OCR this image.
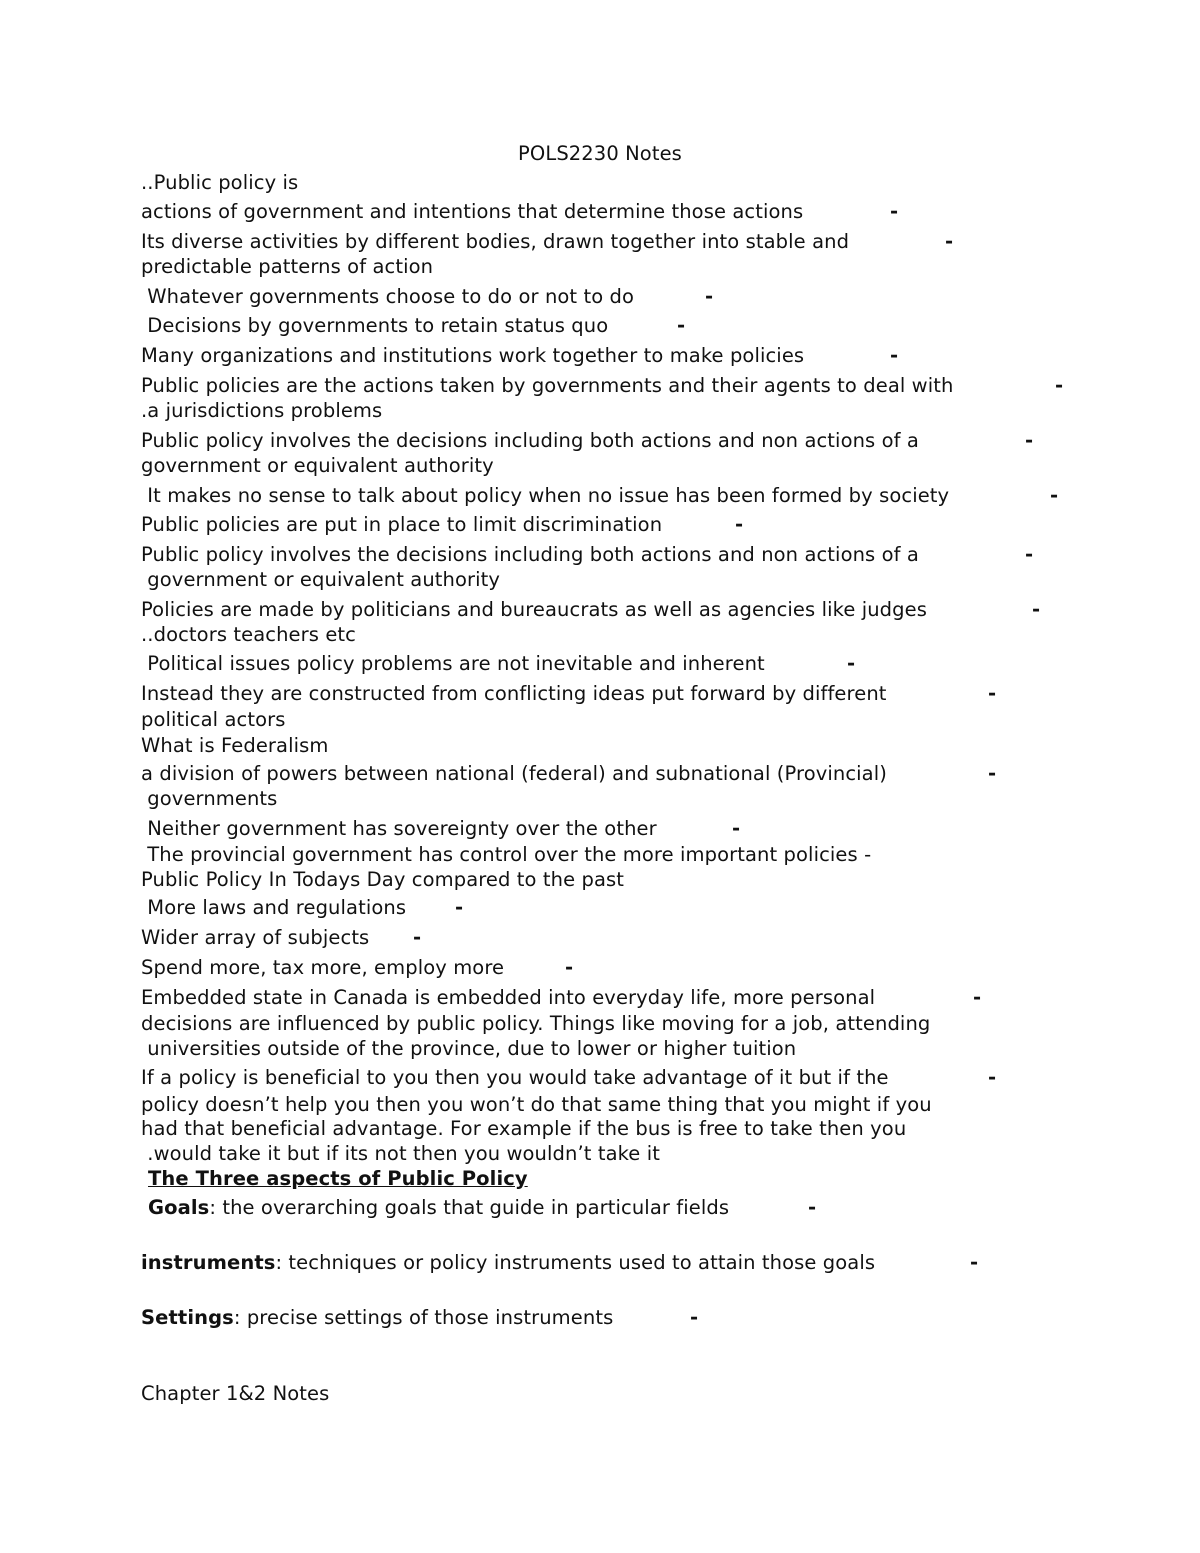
POLS2230 Notes

..Public policy is

actions of government and intentions that determine those actions	-

Its diverse activities by different bodies, drawn together into stable and	-

predictable patterns of action

Whatever governments choose to do or not to do	-

Decisions by governments to retain status quo	-

Many organizations and institutions work together to make policies	-

Public policies are the actions taken by governments and their agents to deal with	-

.a jurisdictions problems

Public policy involves the decisions including both actions and non actions of a	-

government or equivalent authority

It makes no sense to talk about policy when no issue has been formed by society	-

Public policies are put in place to limit discrimination	-

Public policy involves the decisions including both actions and non actions of a	-

government or equivalent authority

Policies are made by politicians and bureaucrats as well as agencies like judges	-

..doctors teachers etc

Political issues policy problems are not inevitable and inherent	-

Instead they are constructed from conflicting ideas put forward by different	-

political actors

What is Federalism

a division of powers between national (federal) and subnational (Provincial)	-

governments

Neither government has sovereignty over the other	-

The provincial government has control over the more important policies -

Public Policy In Todays Day compared to the past

More laws and regulations	-

Wider array of subjects -

Spend more, tax more, employ more	-

Embedded state in Canada is embedded into everyday life, more personal	-

decisions are influenced by public policy. Things like moving for a job, attending

universities outside of the province, due to lower or higher tuition

If a policy is beneficial to you then you would take advantage of it but if the	-

policy doesn’t help you then you won’t do that same thing that you might if you

had that beneficial advantage. For example if the bus is free to take then you

.would take it but if its not then you wouldn’t take it

The Three aspects of Public Policy

Goals: the overarching goals that guide in particular fields	-

instruments: techniques or policy instruments used to attain those goals	-

Settings: precise settings of those instruments	-

Chapter 1&2 Notes
